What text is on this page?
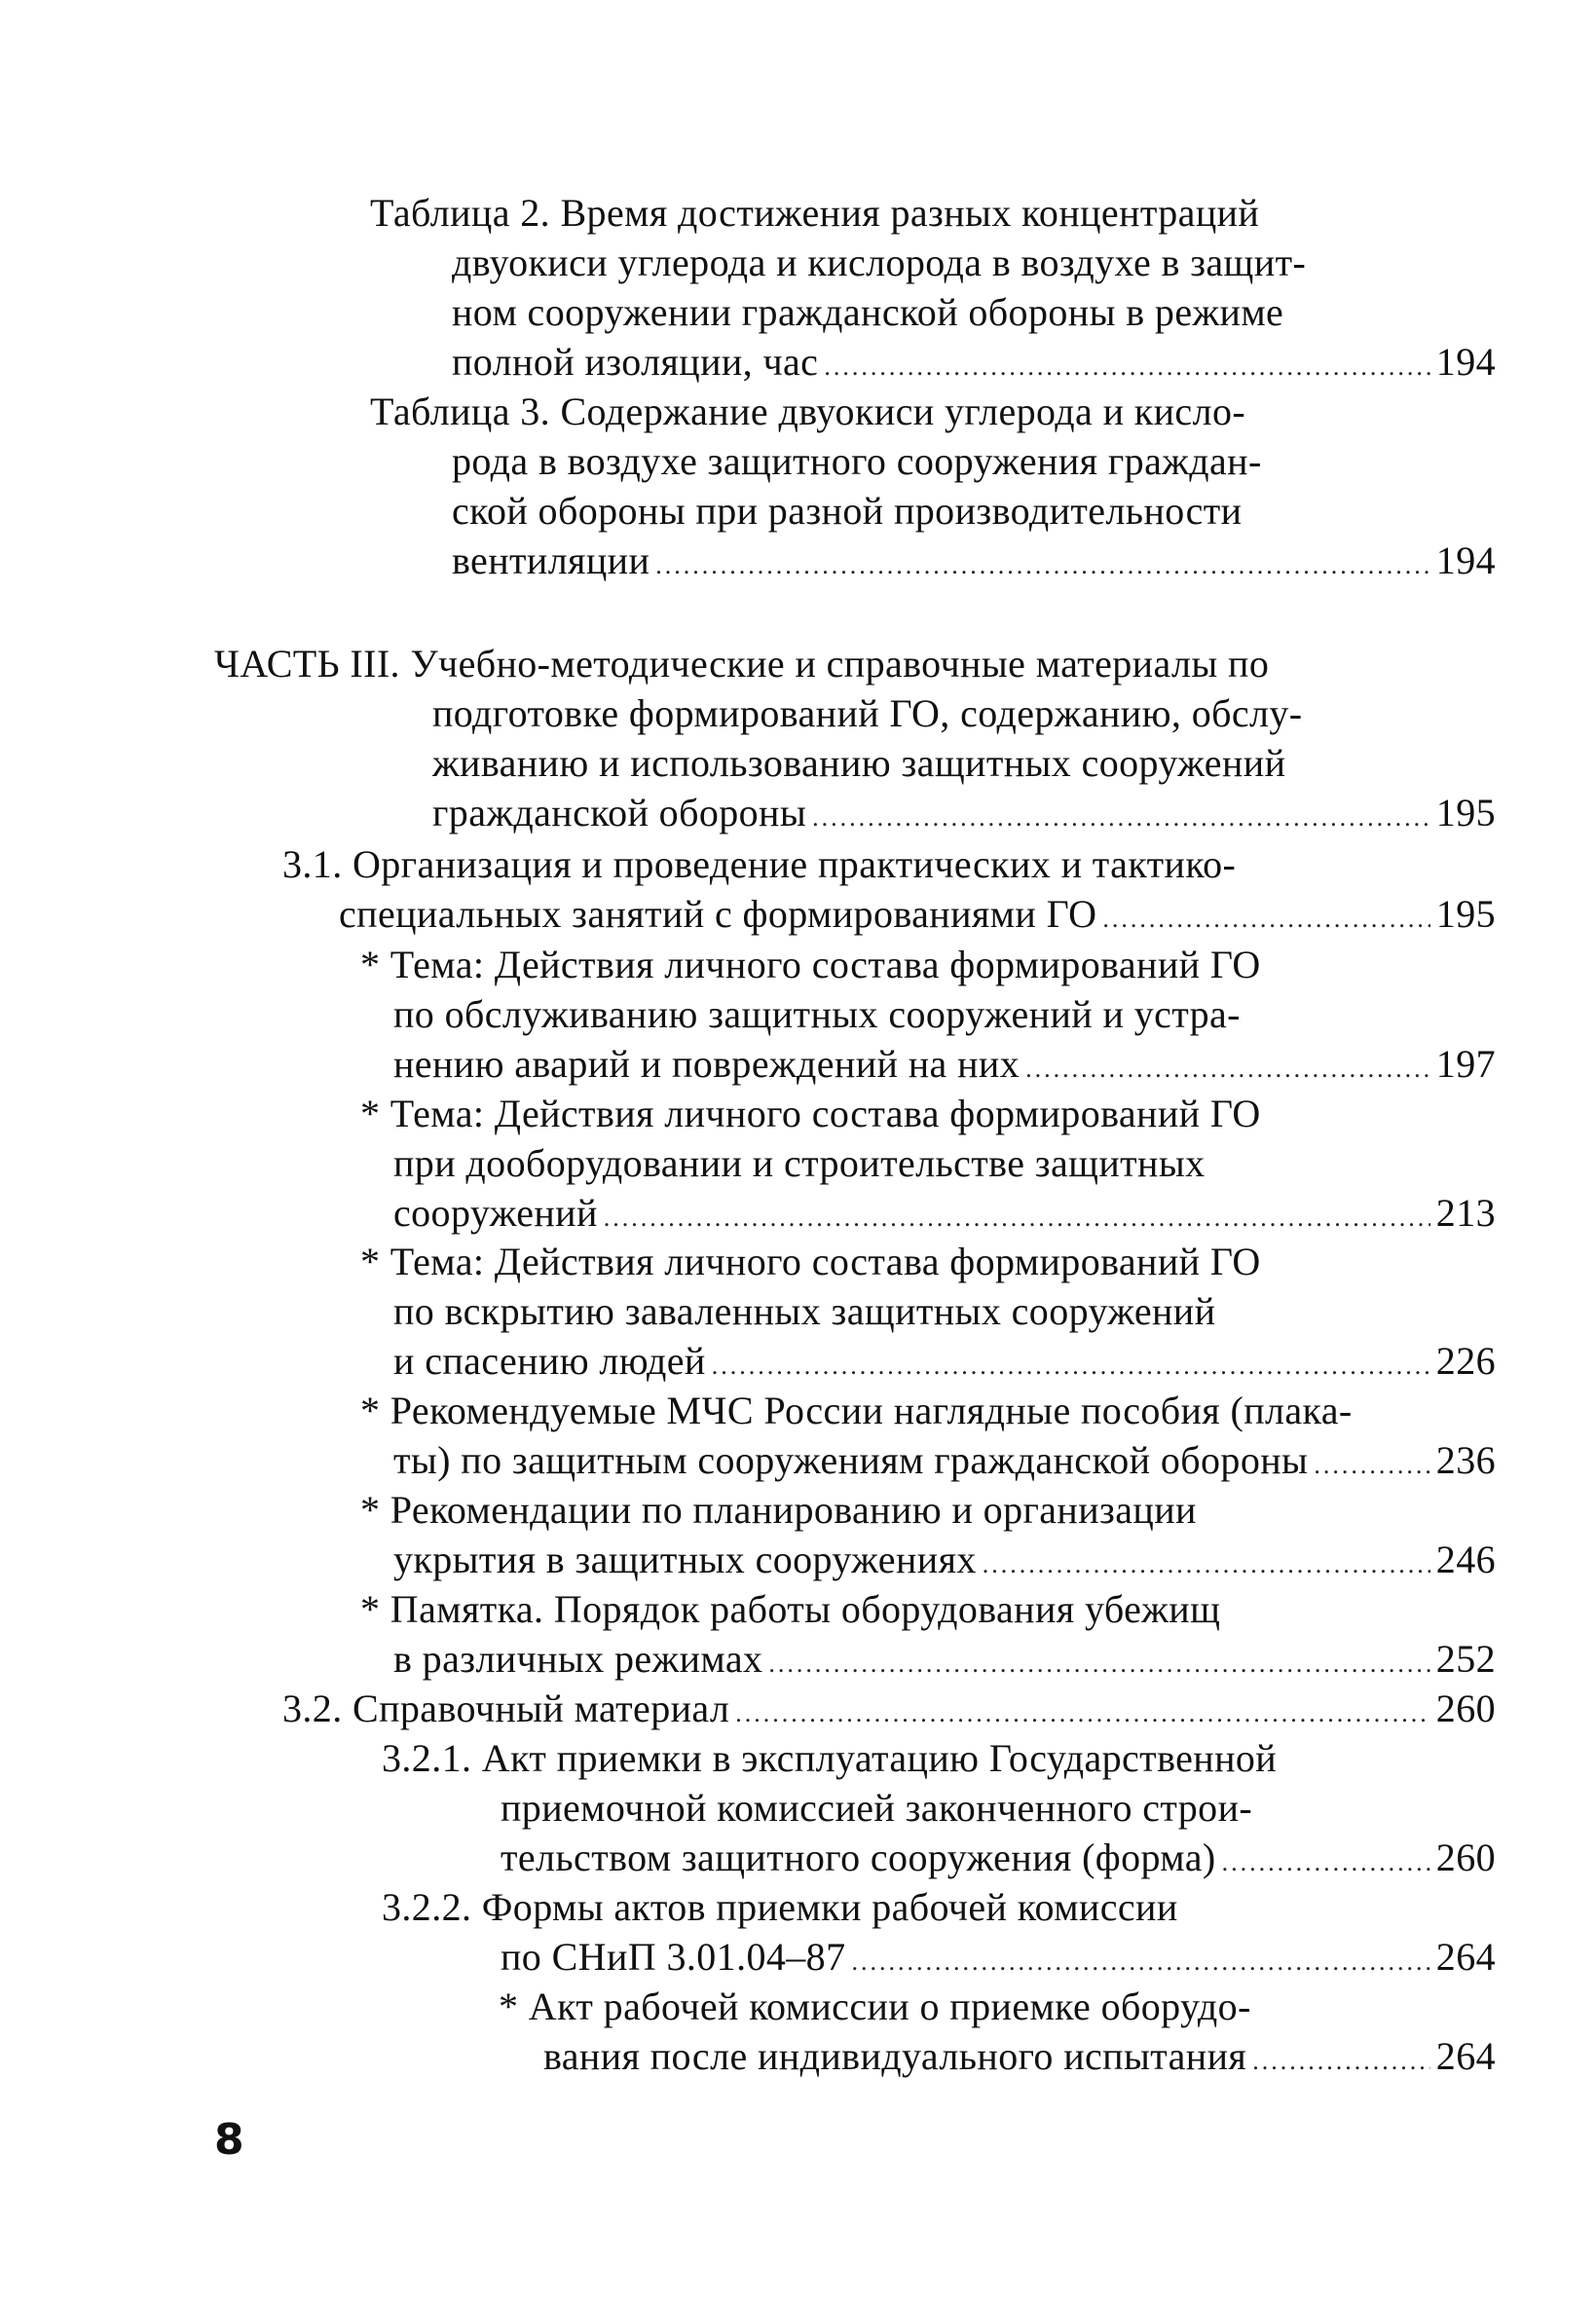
Таблица 2. Время достижения разных концентраций
двуокиси углерода и кислорода в воздухе в защит-
ном сооружении гражданской обороны в режиме
полной изоляции, час .....	194
Таблица 3. Содержание двуокиси углерода и кисло-
рода в воздухе защитного сооружения граждан-
ской обороны при разной производительности
вентиляции .....	194
ЧАСТЬ III. Учебно-методические и справочные материалы по
подготовке формирований ГО, содержанию, обслу-
живанию и использованию защитных сооружений
гражданской обороны .....	195
3.1. Организация и проведение практических и тактико-
специальных занятий с формированиями ГО .....	195
* Тема: Действия личного состава формирований ГО
по обслуживанию защитных сооружений и устра-
нению аварий и повреждений на них .....	197
* Тема: Действия личного состава формирований ГО
при дооборудовании и строительстве защитных
сооружений .....	213
* Тема: Действия личного состава формирований ГО
по вскрытию заваленных защитных сооружений
и спасению людей .....	226
* Рекомендуемые МЧС России наглядные пособия (плака-
ты) по защитным сооружениям гражданской обороны .....	236
* Рекомендации по планированию и организации
укрытия в защитных сооружениях .....	246
* Памятка. Порядок работы оборудования убежищ
в различных режимах .....	252
3.2. Справочный материал .....	260
3.2.1. Акт приемки в эксплуатацию Государственной
приемочной комиссией законченного строи-
тельством защитного сооружения (форма) .....	260
3.2.2. Формы актов приемки рабочей комиссии
по СНиП 3.01.04–87 .....	264
* Акт рабочей комиссии о приемке оборудо-
вания после индивидуального испытания .....	264
8
